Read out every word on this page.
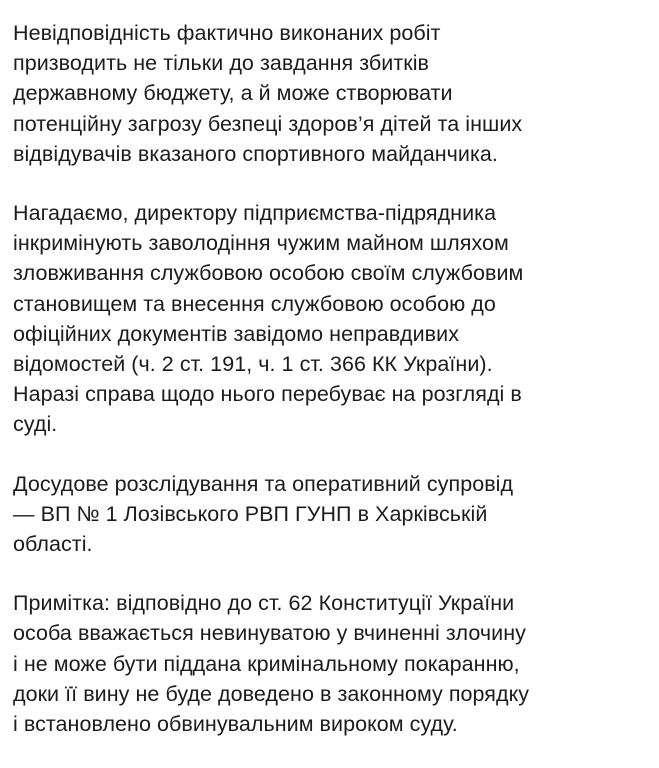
Невідповідність фактично виконаних робіт
призводить не тільки до завдання збитків
державному бюджету, а й може створювати
потенційну загрозу безпеці здоров’я дітей та інших
відвідувачів вказаного спортивного майданчика.

Нагадаємо, директору підприємства-підрядника
інкримінують заволодіння чужим майном шляхом
зловживання службовою особою своїм службовим
становищем та внесення службовою особою до
офіційних документів завідомо неправдивих
відомостей (ч. 2 ст. 191, ч. 1 ст. 366 КК України).
Наразі справа щодо нього перебуває на розгляді в
суді.

Досудове розслідування та оперативний супровід
— ВП № 1 Лозівського РВП ГУНП в Харківській
області.

Примітка: відповідно до ст. 62 Конституції України
особа вважається невинуватою у вчиненні злочину
і не може бути піддана кримінальному покаранню,
доки її вину не буде доведено в законному порядку
і встановлено обвинувальним вироком суду.
